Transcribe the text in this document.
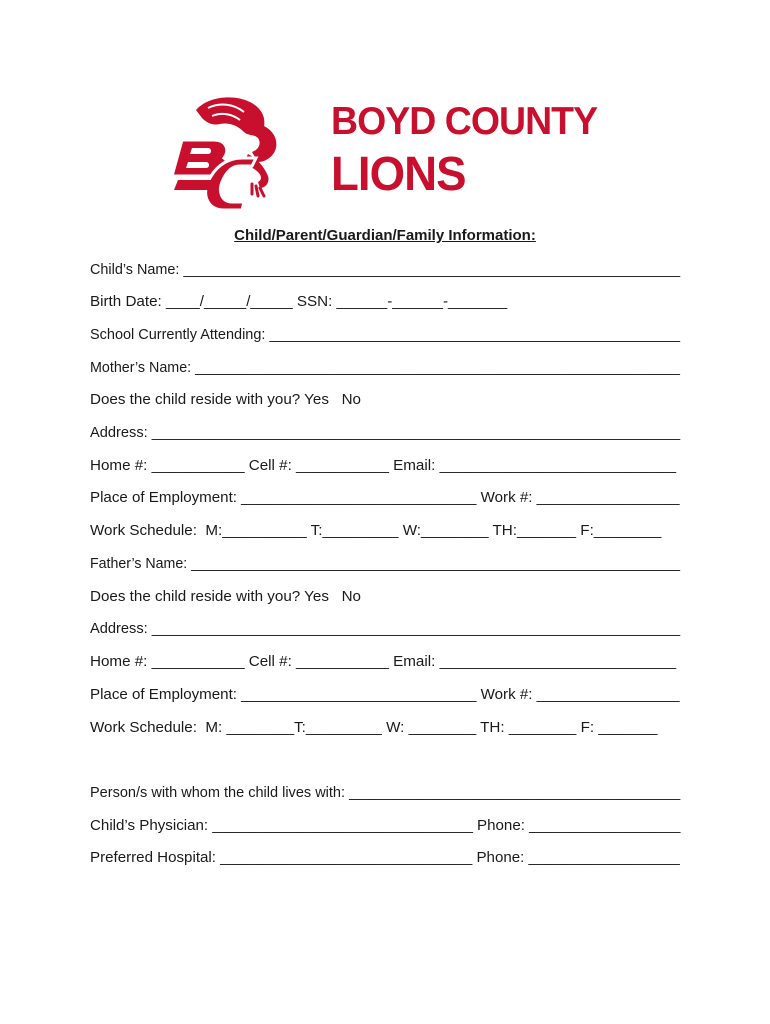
BOYD COUNTY
LIONS
Child/Parent/Guardian/Family Information:
Child’s Name: ______________________________________________________________
Birth Date: ____/_____/_____ SSN: ______-______-_______
School Currently Attending: ___________________________________________________
Mother’s Name: _____________________________________________________________
Does the child reside with you? Yes   No
Address: _________________________________________________________________
Home #: ___________ Cell #: ___________ Email: ____________________________
Place of Employment: ____________________________ Work #: _________________
Work Schedule:  M:__________ T:_________ W:________ TH:_______ F:________
Father’s Name: ______________________________________________________________
Does the child reside with you? Yes   No
Address: _________________________________________________________________
Home #: ___________ Cell #: ___________ Email: ____________________________
Place of Employment: ____________________________ Work #: _________________
Work Schedule:  M: ________T:_________ W: ________ TH: ________ F: _______
Person/s with whom the child lives with: _________________________________________
Child’s Physician: _______________________________ Phone: __________________
Preferred Hospital: ______________________________ Phone: __________________
